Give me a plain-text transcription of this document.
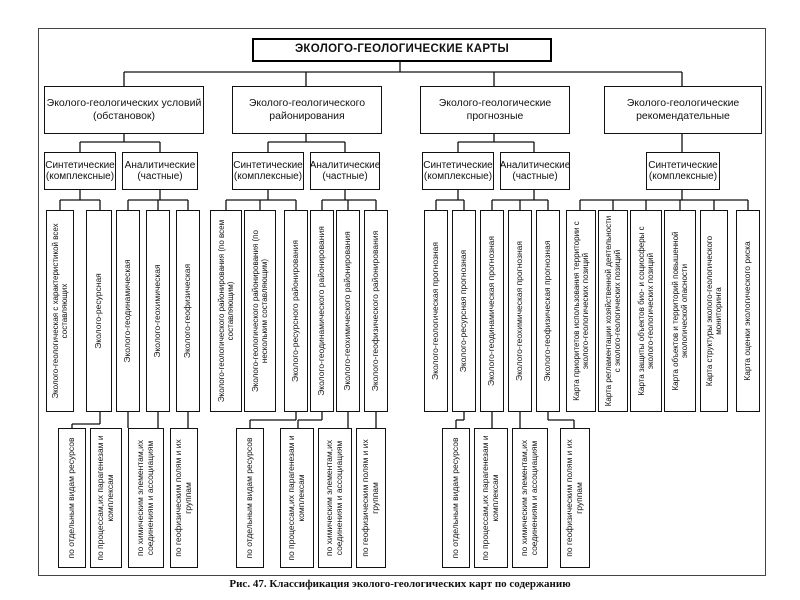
ЭКОЛОГО-ГЕОЛОГИЧЕСКИЕ КАРТЫ
Эколого-геологических условий (обстановок)
Эколого-геологического районирования
Эколого-геологические прогнозные
Эколого-геологические рекомендательные
Синтетические (комплексные)
Аналитические (частные)
Синтетические (комплексные)
Аналитические (частные)
Синтетические (комплексные)
Аналитические (частные)
Синтетические (комплексные)
Эколого-геологическая с характеристикой всех составляющих	Эколого-ресурсная Эколого-геодинамическая Эколого-геохимическая Эколого-геофизическая	Эколого-геологического районирования (по всем составляющим) Эколого-геологического районирования (по нескольким составляющим) Эколого-ресурсного районирования Эколого-геодинамического районирования Эколого-геохимического районирования Эколого-геофизического районирования	Эколого-геологическая прогнозная Эколого-ресурсная прогнозная Эколого-геодинамическая прогнозная Эколого-геохимическая прогнозная Эколого-геофизическая прогнозная Карта приоритетов использования территории с эколого-геологических позиций Карта регламентации хозяйственной деятельности с эколого-геологических позиций Карта защиты объектов био- и социосферы с эколого-геологических позиций Карта объектов и территорий повышенной экологической опасности Карта структуры эколого-геологического мониторинга Карта оценки экологического риска
по отдельным видам ресурсов по процессам,их парагенезам и комплексам по химическим элементам,их соединениям и ассоциациям по геофизическим полям и их группам	по отдельным видам ресурсов	по процессам,их парагенезам и комплексам по химическим элементам,их соединениям и ассоциациям по геофизическим полям и их группам	по отдельным видам ресурсов по процессам,их парагенезам и комплексам по химическим элементам,их соединениям и ассоциациям	по геофизическим полям и их группам
Рис. 47. Классификация эколого-геологических карт по содержанию
